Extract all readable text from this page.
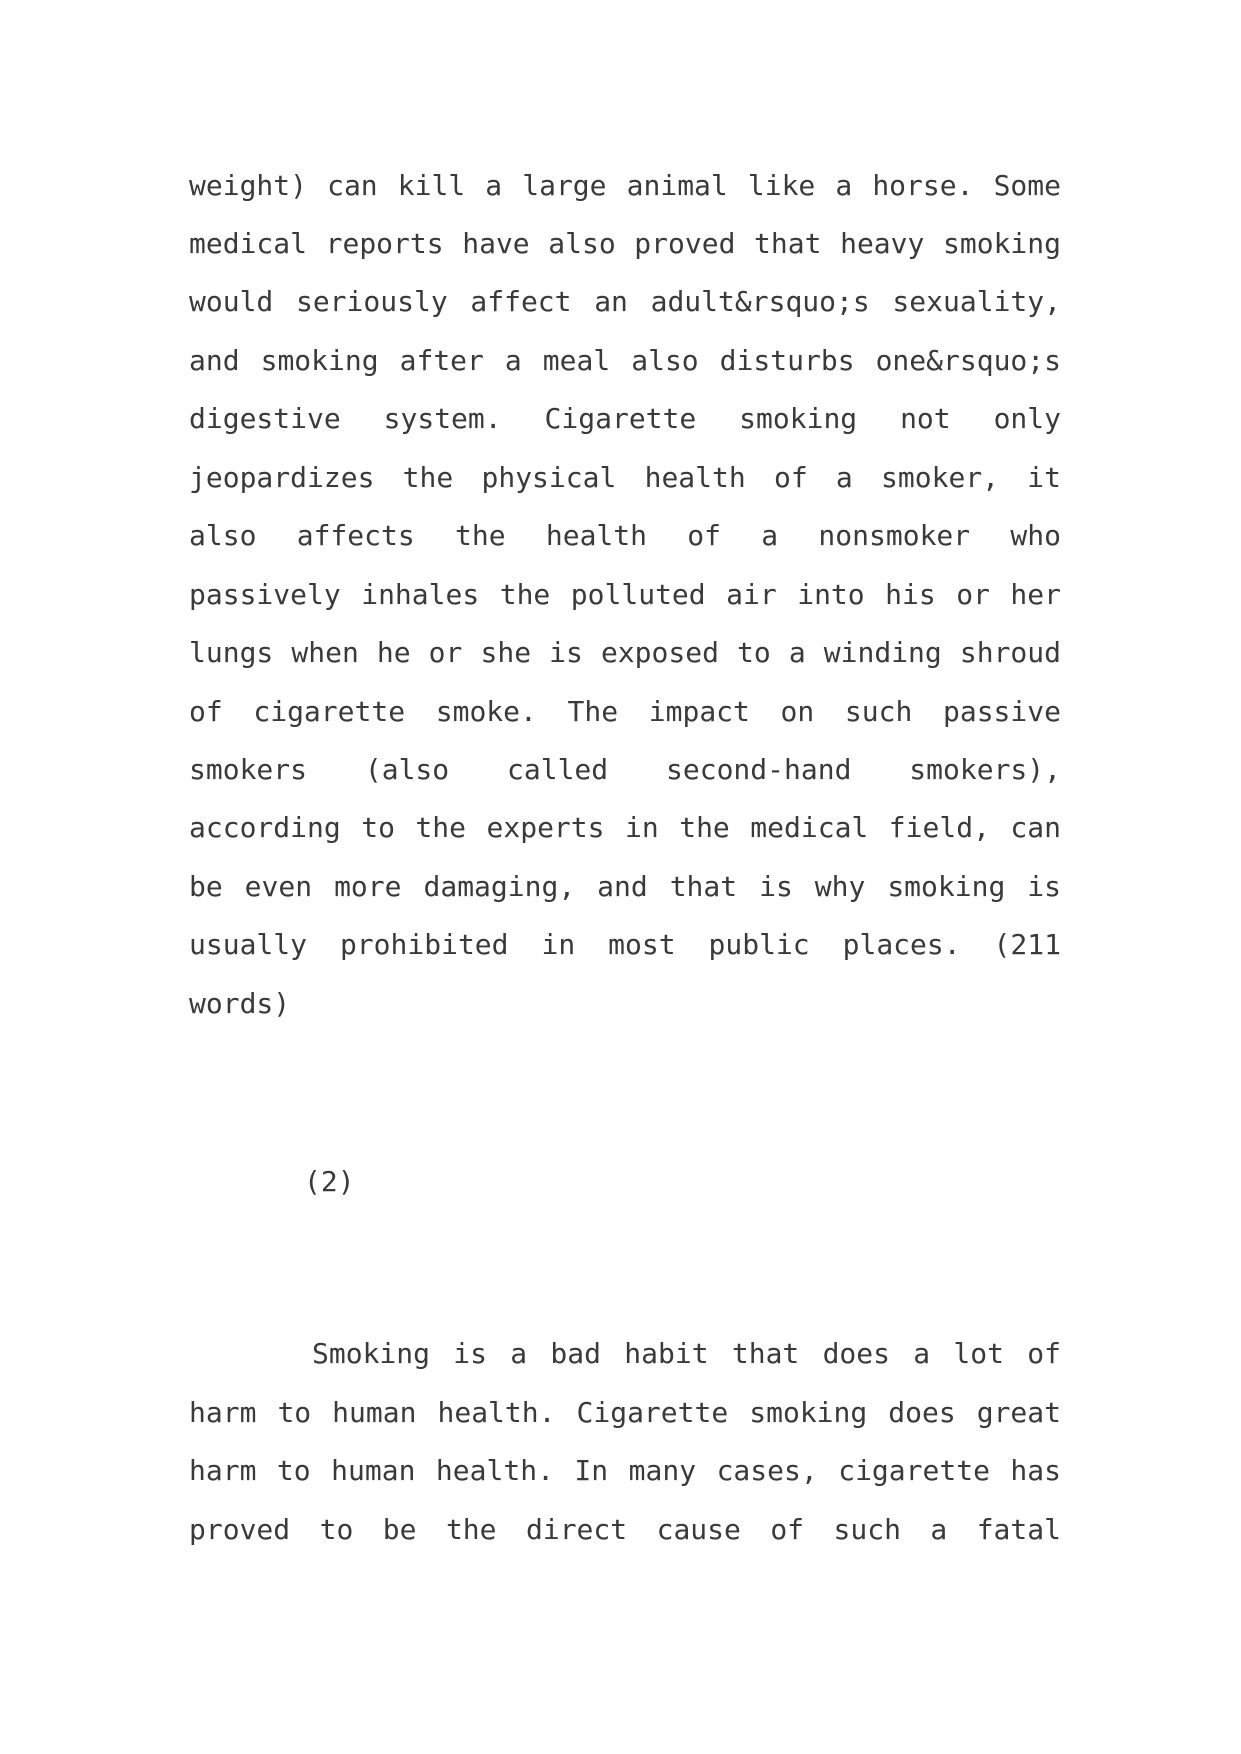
weight) can kill a large animal like a horse. Some
medical reports have also proved that heavy smoking
would seriously affect an adult&rsquo;s sexuality,
and smoking after a meal also disturbs one&rsquo;s
digestive system. Cigarette smoking not only
jeopardizes the physical health of a smoker, it
also affects the health of a nonsmoker who
passively inhales the polluted air into his or her
lungs when he or she is exposed to a winding shroud
of cigarette smoke. The impact on such passive
smokers (also called second-hand smokers),
according to the experts in the medical field, can
be even more damaging, and that is why smoking is
usually prohibited in most public places. (211
words)
(2)
Smoking is a bad habit that does a lot of
harm to human health. Cigarette smoking does great
harm to human health. In many cases, cigarette has
proved to be the direct cause of such a fatal
